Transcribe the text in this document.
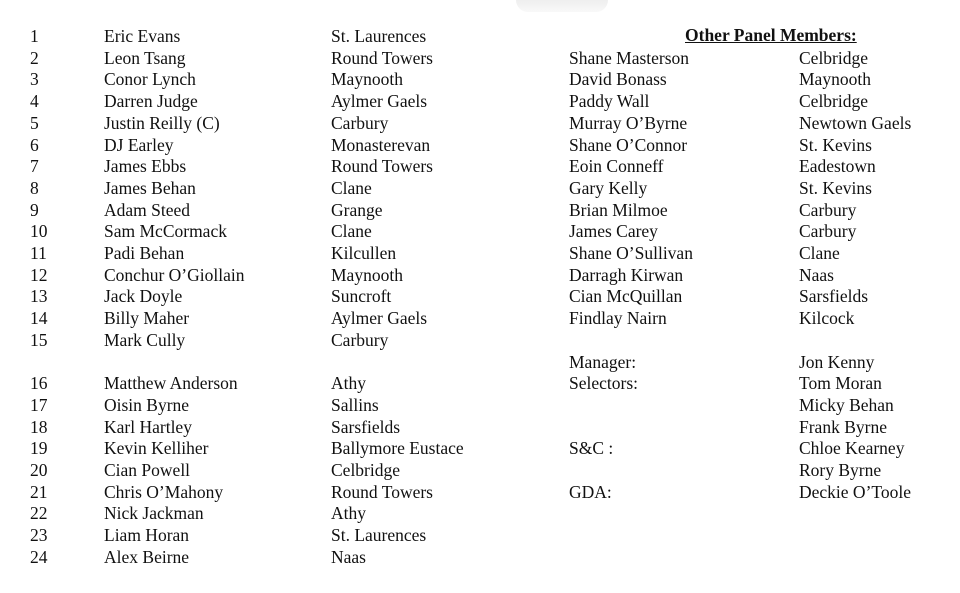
Other Panel Members:
1	Eric Evans	St. Laurences
2	Leon Tsang	Round Towers
3	Conor Lynch	Maynooth
4	Darren Judge	Aylmer Gaels
5	Justin Reilly (C)	Carbury
6	DJ Earley	Monasterevan
7	James Ebbs	Round Towers
8	James Behan	Clane
9	Adam Steed	Grange
10	Sam McCormack	Clane
11	Padi Behan	Kilcullen
12	Conchur O’Giollain	Maynooth
13	Jack Doyle	Suncroft
14	Billy Maher	Aylmer Gaels
15	Mark Cully	Carbury
16	Matthew Anderson	Athy
17	Oisin Byrne	Sallins
18	Karl Hartley	Sarsfields
19	Kevin Kelliher	Ballymore Eustace
20	Cian Powell	Celbridge
21	Chris O’Mahony	Round Towers
22	Nick Jackman	Athy
23	Liam Horan	St. Laurences
24	Alex Beirne	Naas
Shane Masterson	Celbridge
David Bonass	Maynooth
Paddy Wall	Celbridge
Murray O’Byrne	Newtown Gaels
Shane O’Connor	St. Kevins
Eoin Conneff	Eadestown
Gary Kelly	St. Kevins
Brian Milmoe	Carbury
James Carey	Carbury
Shane O’Sullivan	Clane
Darragh Kirwan	Naas
Cian McQuillan	Sarsfields
Findlay Nairn	Kilcock
Manager:	Jon Kenny
Selectors:	Tom Moran
Micky Behan
Frank Byrne
S&C :	Chloe Kearney
Rory Byrne
GDA:	Deckie O’Toole
